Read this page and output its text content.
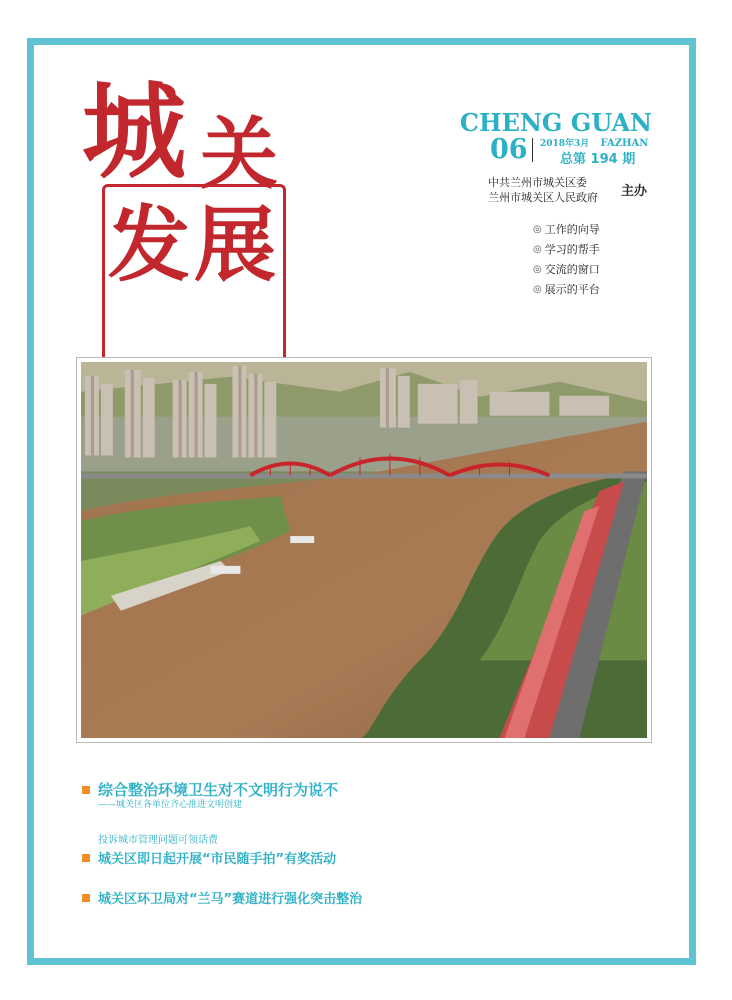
城 关
发 展
CHENG GUAN
06 2018年3月 FAZHAN
总第 194 期
中共兰州市城关区委
兰州市城关区人民政府 主办
◎ 工作的向导
◎ 学习的帮手
◎ 交流的窗口
◎ 展示的平台
综合整治环境卫生对不文明行为说不
——城关区各单位齐心推进文明创建
投诉城市管理问题可领话费
城关区即日起开展“市民随手拍”有奖活动
城关区环卫局对“兰马”赛道进行强化突击整治
